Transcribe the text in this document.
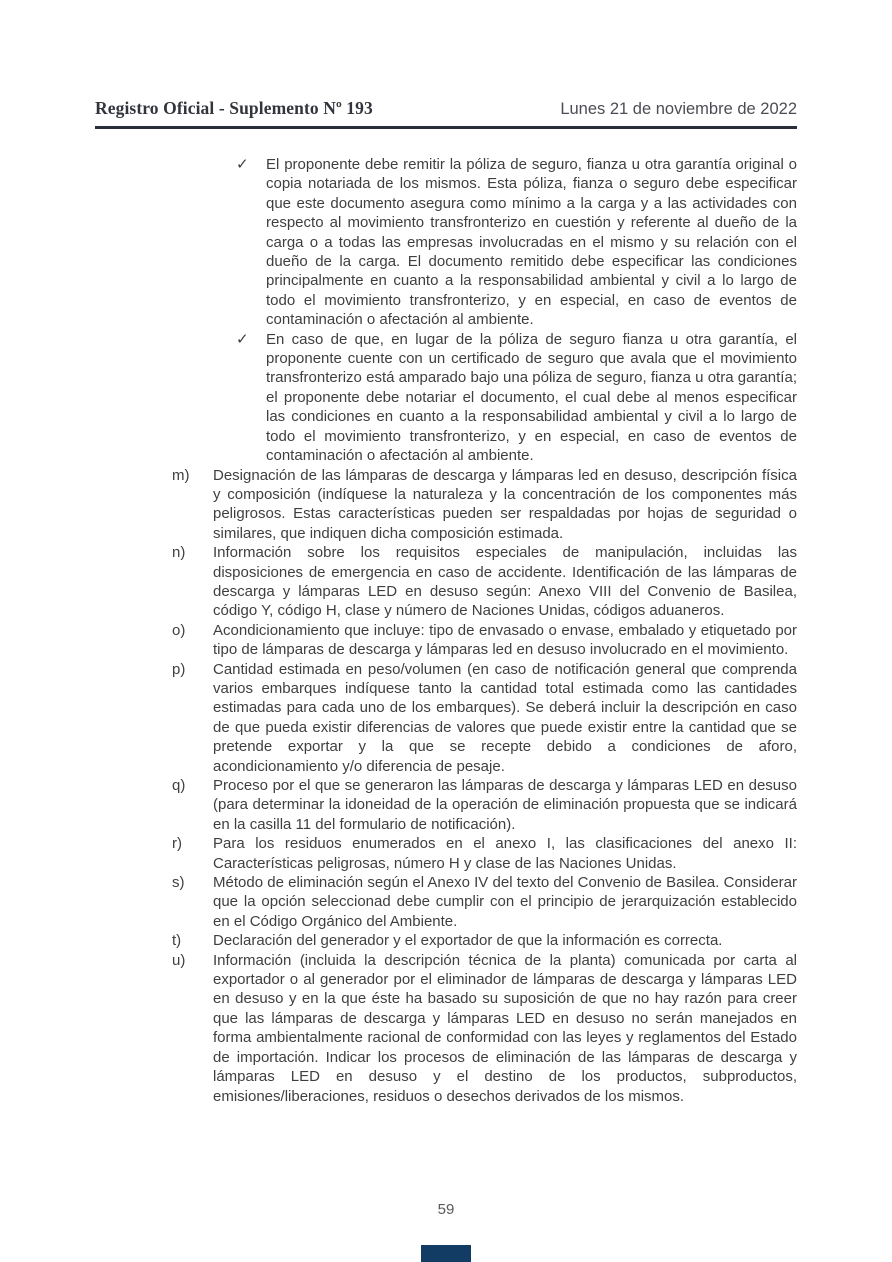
Registro Oficial - Suplemento Nº 193	Lunes 21 de noviembre de 2022
✓	El proponente debe remitir la póliza de seguro, fianza u otra garantía original o copia notariada de los mismos. Esta póliza, fianza o seguro debe especificar que este documento asegura como mínimo a la carga y a las actividades con respecto al movimiento transfronterizo en cuestión y referente al dueño de la carga o a todas las empresas involucradas en el mismo y su relación con el dueño de la carga. El documento remitido debe especificar las condiciones principalmente en cuanto a la responsabilidad ambiental y civil a lo largo de todo el movimiento transfronterizo, y en especial, en caso de eventos de contaminación o afectación al ambiente.
✓	En caso de que, en lugar de la póliza de seguro fianza u otra garantía, el proponente cuente con un certificado de seguro que avala que el movimiento transfronterizo está amparado bajo una póliza de seguro, fianza u otra garantía; el proponente debe notariar el documento, el cual debe al menos especificar las condiciones en cuanto a la responsabilidad ambiental y civil a lo largo de todo el movimiento transfronterizo, y en especial, en caso de eventos de contaminación o afectación al ambiente.
m)	Designación de las lámparas de descarga y lámparas led en desuso, descripción física y composición (indíquese la naturaleza y la concentración de los componentes más peligrosos. Estas características pueden ser respaldadas por hojas de seguridad o similares, que indiquen dicha composición estimada.
n)	Información sobre los requisitos especiales de manipulación, incluidas las disposiciones de emergencia en caso de accidente. Identificación de las lámparas de descarga y lámparas LED en desuso según: Anexo VIII del Convenio de Basilea, código Y, código H, clase y número de Naciones Unidas, códigos aduaneros.
o)	Acondicionamiento que incluye: tipo de envasado o envase, embalado y etiquetado por tipo de lámparas de descarga y lámparas led en desuso involucrado en el movimiento.
p)	Cantidad estimada en peso/volumen (en caso de notificación general que comprenda varios embarques indíquese tanto la cantidad total estimada como las cantidades estimadas para cada uno de los embarques). Se deberá incluir la descripción en caso de que pueda existir diferencias de valores que puede existir entre la cantidad que se pretende exportar y la que se recepte debido a condiciones de aforo, acondicionamiento y/o diferencia de pesaje.
q)	Proceso por el que se generaron las lámparas de descarga y lámparas LED en desuso (para determinar la idoneidad de la operación de eliminación propuesta que se indicará en la casilla 11 del formulario de notificación).
r)	Para los residuos enumerados en el anexo I, las clasificaciones del anexo II: Características peligrosas, número H y clase de las Naciones Unidas.
s)	Método de eliminación según el Anexo IV del texto del Convenio de Basilea. Considerar que la opción seleccionad debe cumplir con el principio de jerarquización establecido en el Código Orgánico del Ambiente.
t)	Declaración del generador y el exportador de que la información es correcta.
u)	Información (incluida la descripción técnica de la planta) comunicada por carta al exportador o al generador por el eliminador de lámparas de descarga y lámparas LED en desuso y en la que éste ha basado su suposición de que no hay razón para creer que las lámparas de descarga y lámparas LED en desuso no serán manejados en forma ambientalmente racional de conformidad con las leyes y reglamentos del Estado de importación. Indicar los procesos de eliminación de las lámparas de descarga y lámparas LED en desuso y el destino de los productos, subproductos, emisiones/liberaciones, residuos o desechos derivados de los mismos.
59
